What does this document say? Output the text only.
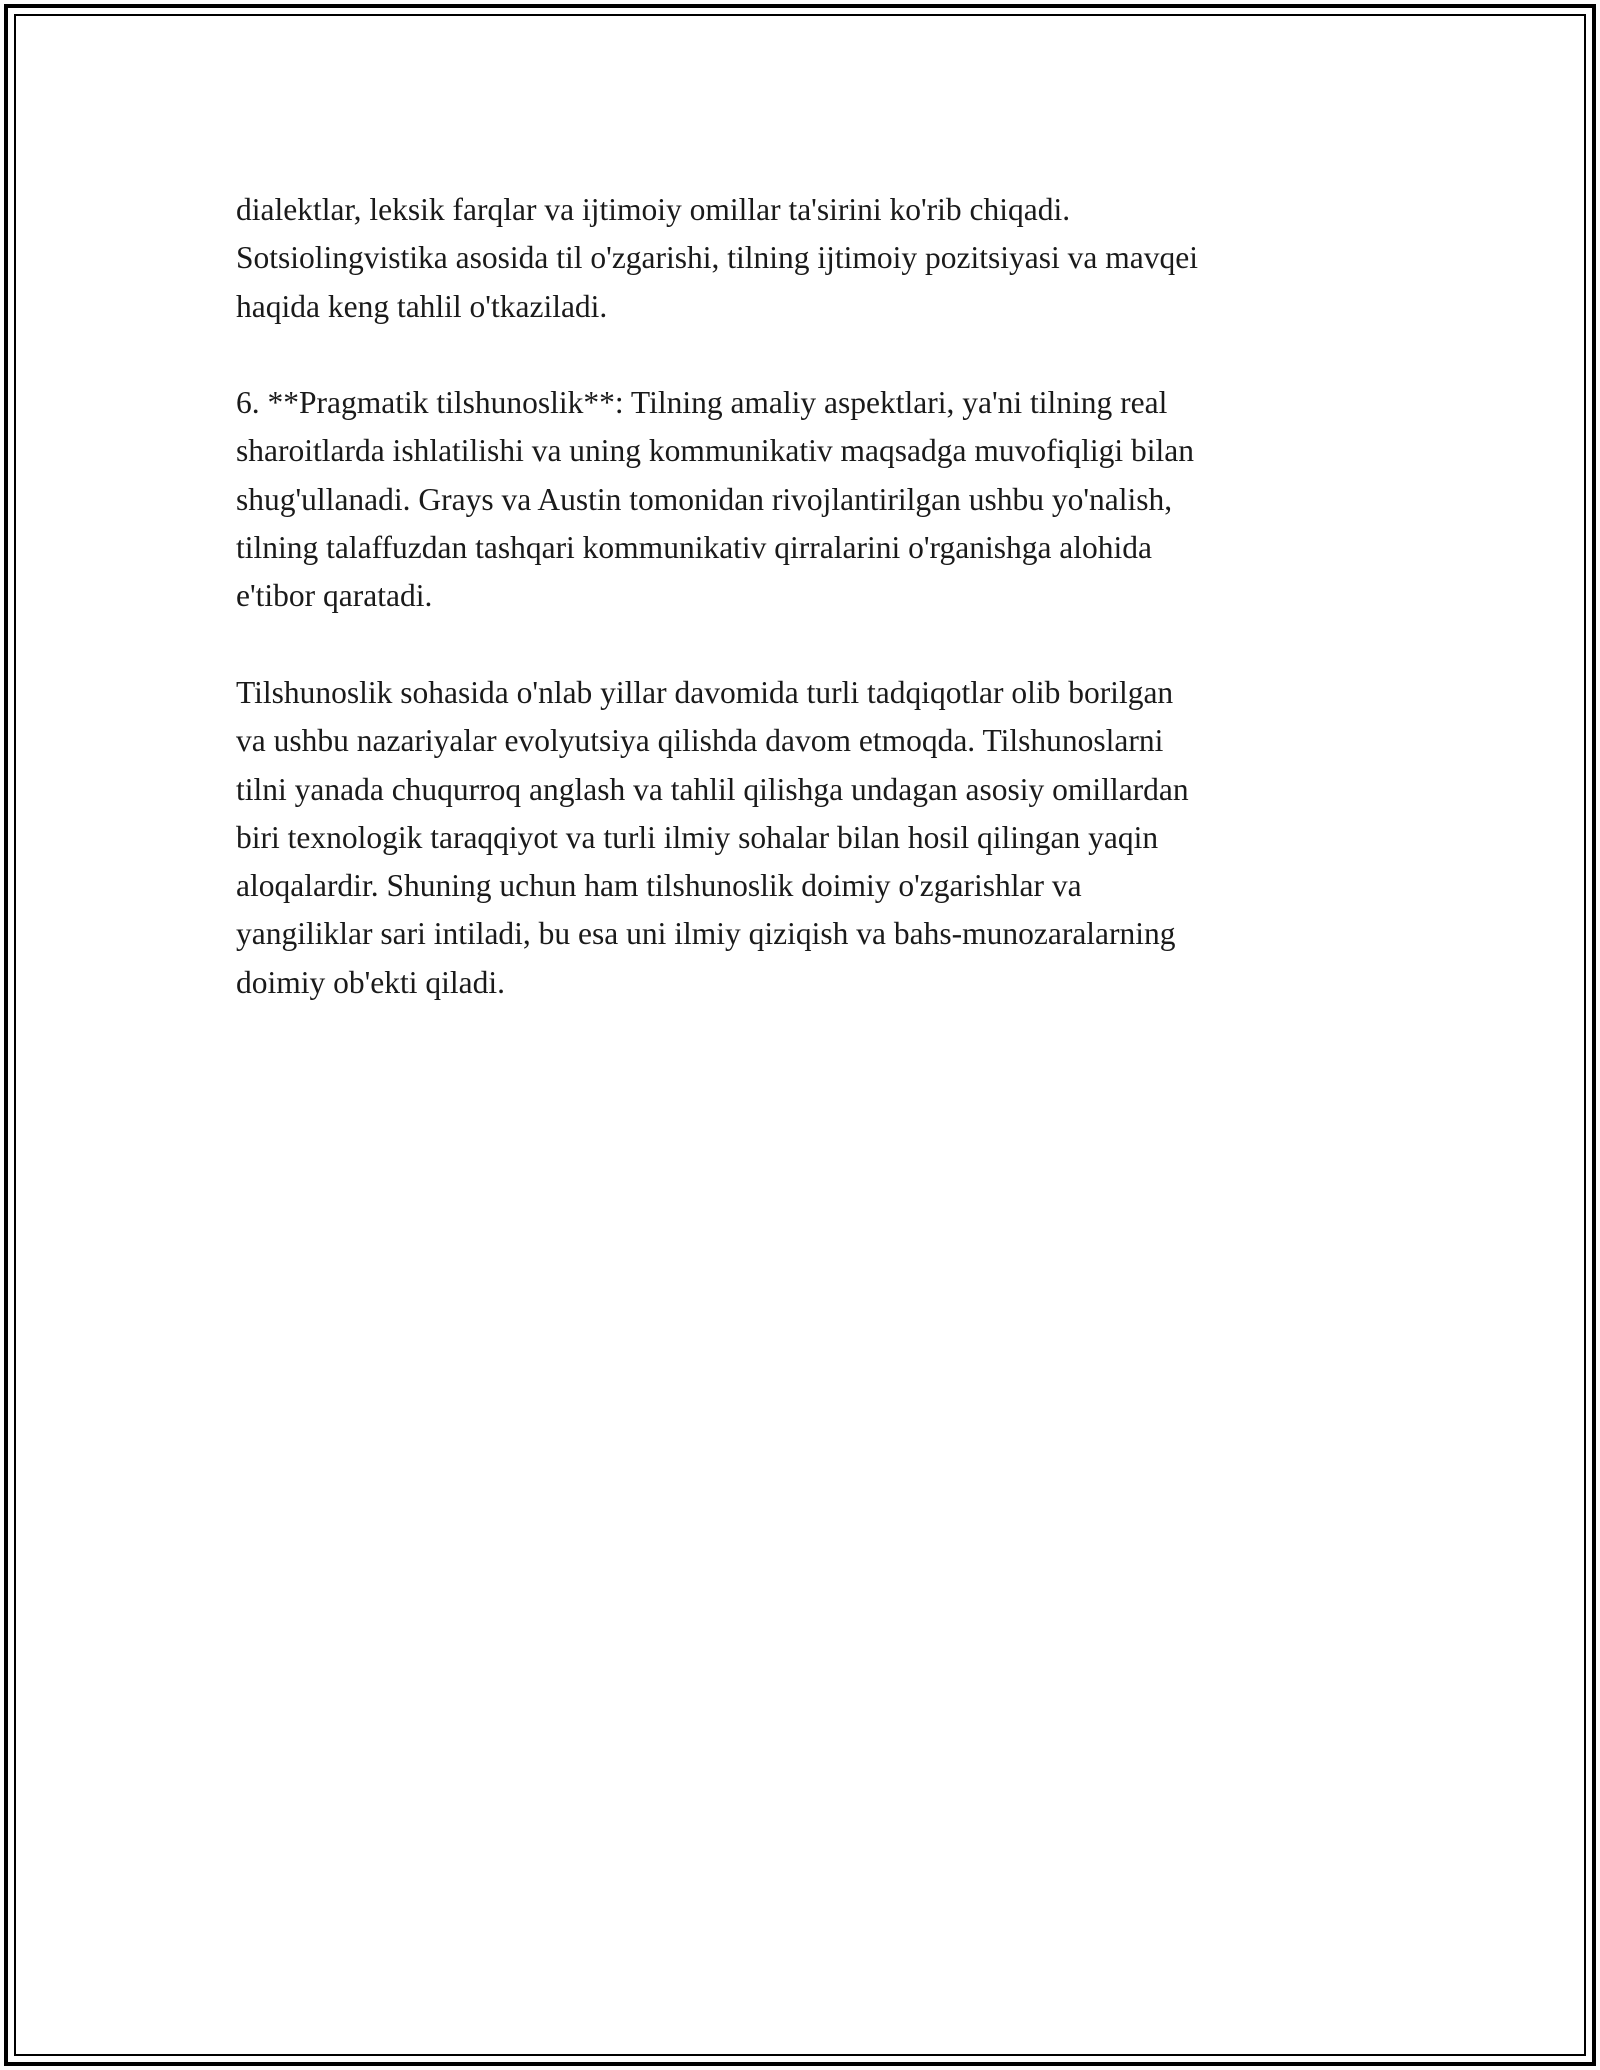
dialektlar, leksik farqlar va ijtimoiy omillar ta'sirini ko'rib chiqadi.
Sotsiolingvistika asosida til o'zgarishi, tilning ijtimoiy pozitsiyasi va mavqei
haqida keng tahlil o'tkaziladi.

6. **Pragmatik tilshunoslik**: Tilning amaliy aspektlari, ya'ni tilning real
sharoitlarda ishlatilishi va uning kommunikativ maqsadga muvofiqligi bilan
shug'ullanadi. Grays va Austin tomonidan rivojlantirilgan ushbu yo'nalish,
tilning talaffuzdan tashqari kommunikativ qirralarini o'rganishga alohida
e'tibor qaratadi.

Tilshunoslik sohasida o'nlab yillar davomida turli tadqiqotlar olib borilgan
va ushbu nazariyalar evolyutsiya qilishda davom etmoqda. Tilshunoslarni
tilni yanada chuqurroq anglash va tahlil qilishga undagan asosiy omillardan
biri texnologik taraqqiyot va turli ilmiy sohalar bilan hosil qilingan yaqin
aloqalardir. Shuning uchun ham tilshunoslik doimiy o'zgarishlar va
yangiliklar sari intiladi, bu esa uni ilmiy qiziqish va bahs-munozaralarning
doimiy ob'ekti qiladi.
